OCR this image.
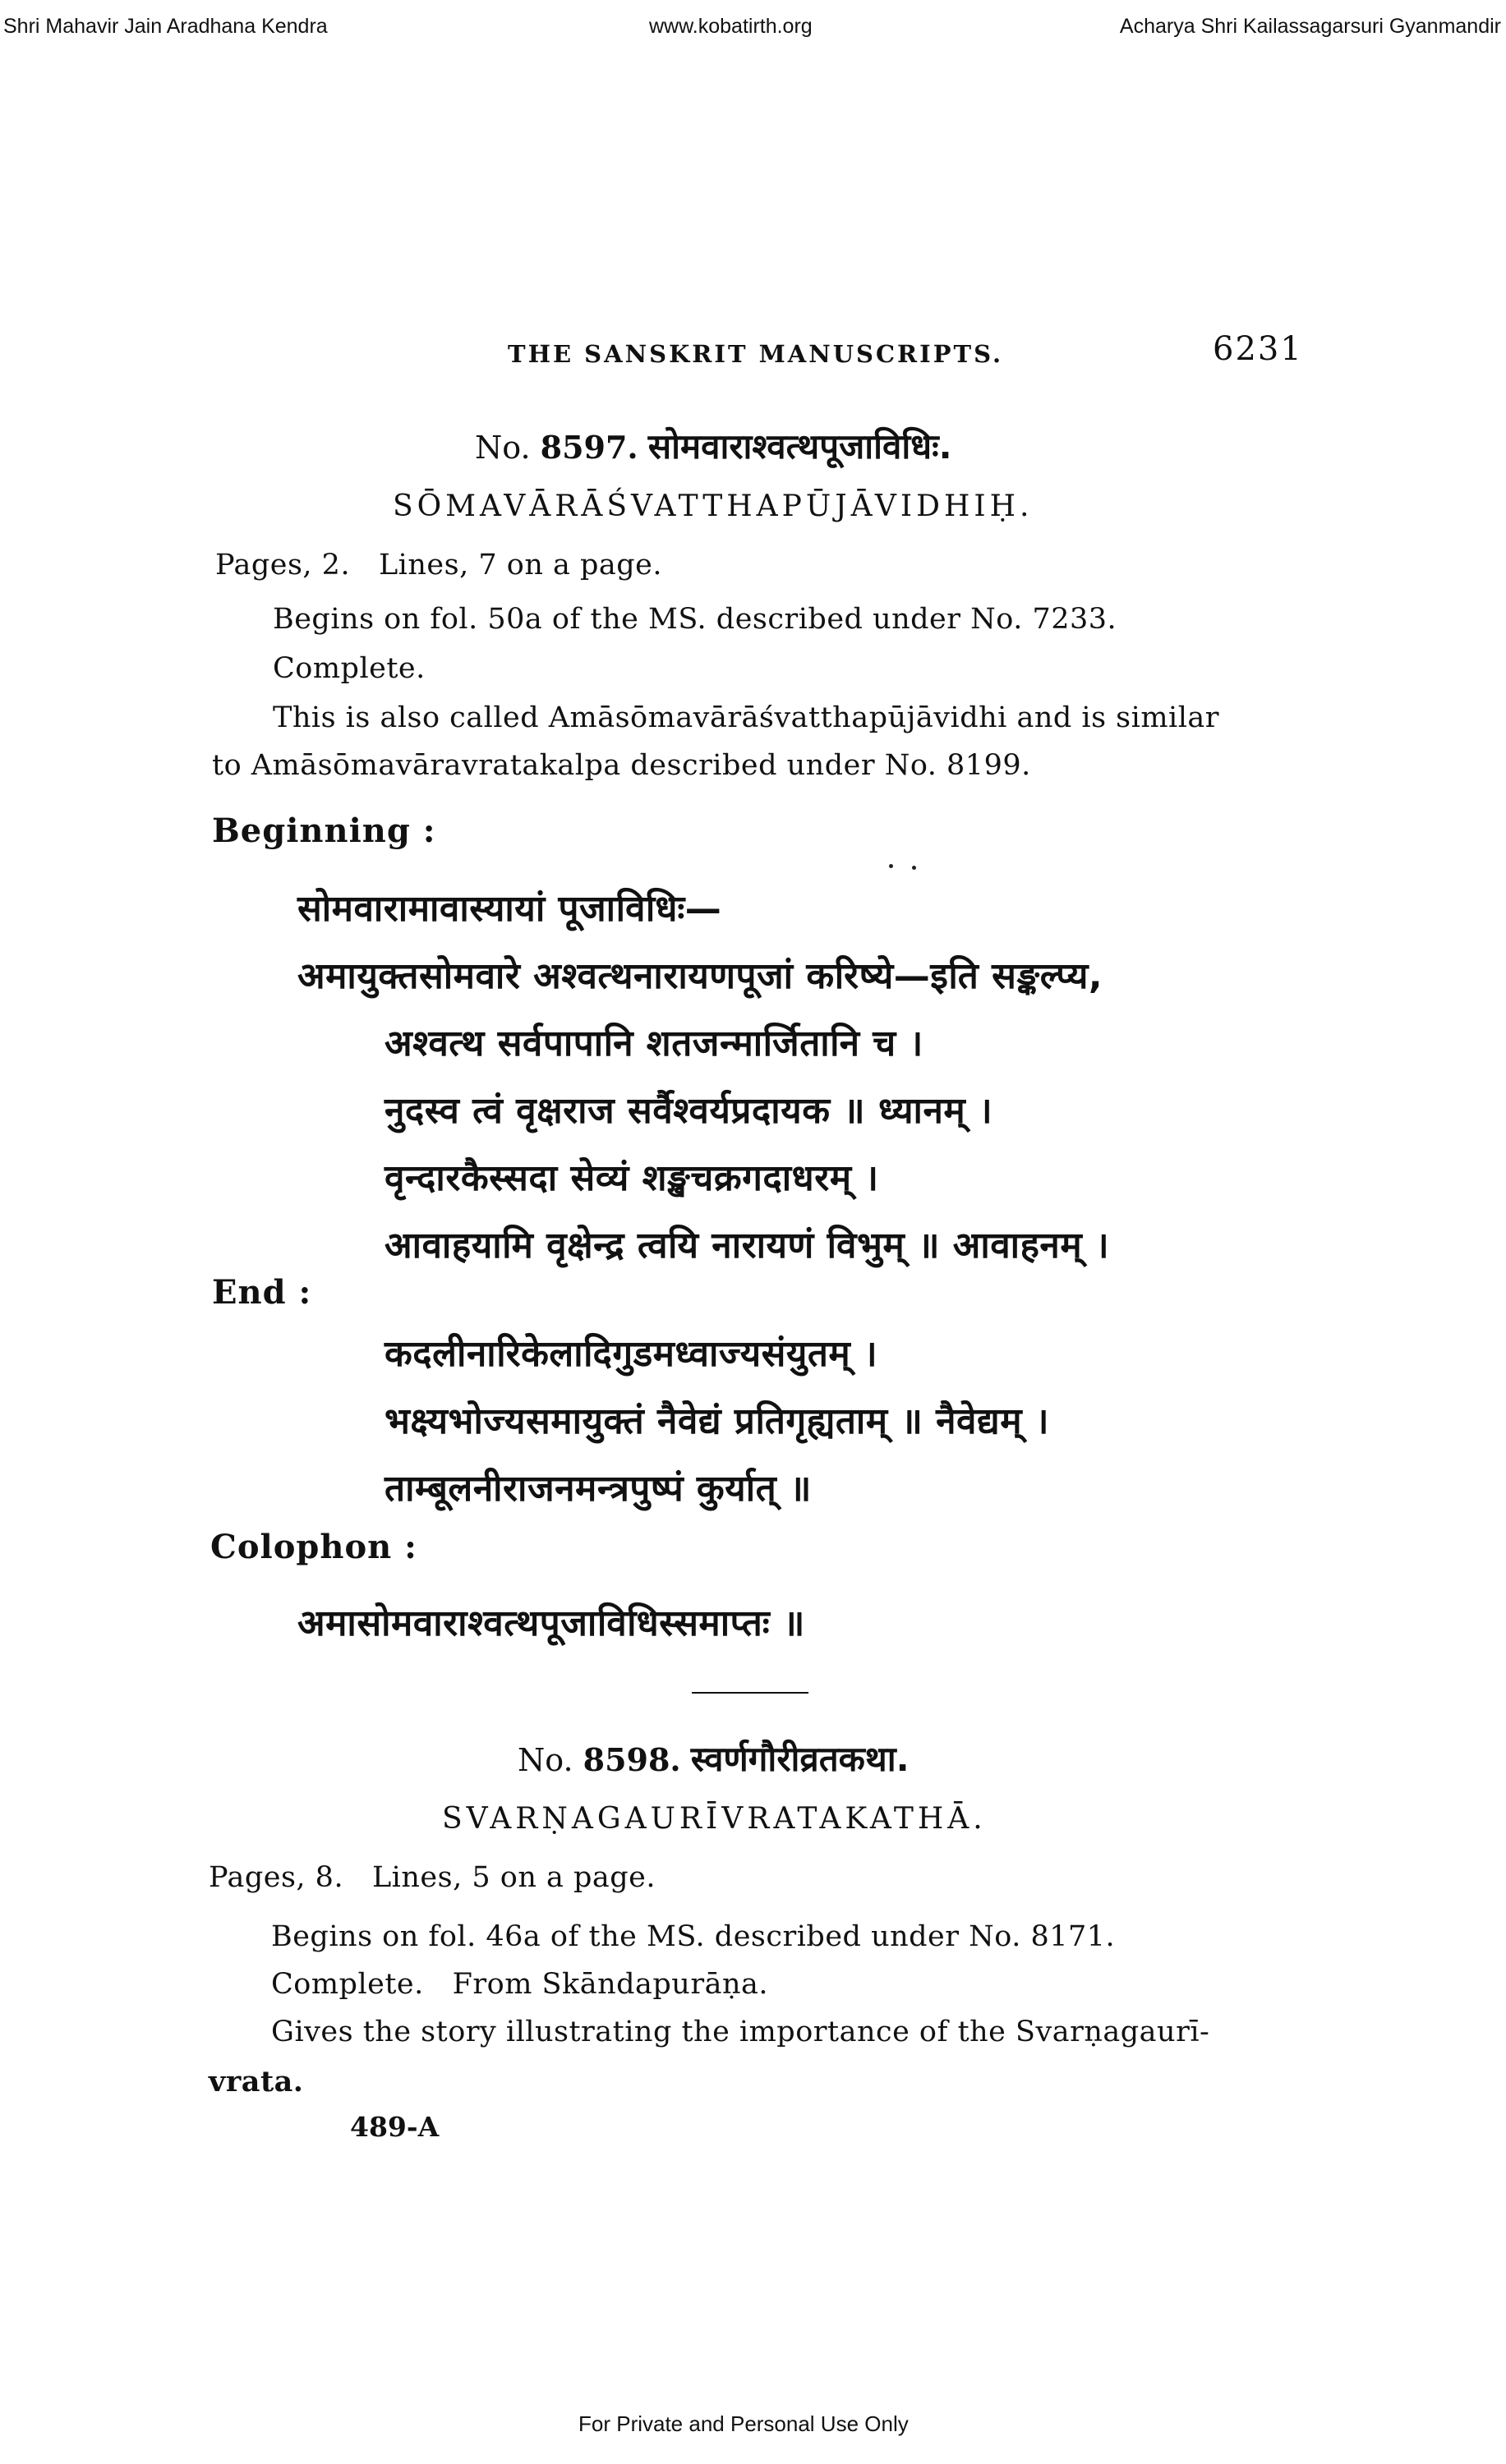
Shri Mahavir Jain Aradhana Kendra	www.kobatirth.org	Acharya Shri Kailassagarsuri Gyanmandir
THE SANSKRIT MANUSCRIPTS.	6231
No. 8597. सोमवाराश्वत्थपूजाविधिः.
SŌMAVĀRĀŚVATTHAPŪJĀVIDHIḤ.
Pages, 2.   Lines, 7 on a page.
Begins on fol. 50a of the MS. described under No. 7233.
Complete.
This is also called Amāsōmavārāśvatthapūjāvidhi and is similar
to Amāsōmavāravratakalpa described under No. 8199.
Beginning :
सोमवारामावास्यायां पूजाविधिः—
अमायुक्तसोमवारे अश्वत्थनारायणपूजां करिष्ये—इति सङ्कल्प्य,
अश्वत्थ सर्वपापानि शतजन्मार्जितानि च ।
नुदस्व त्वं वृक्षराज सर्वैश्वर्यप्रदायक ॥ ध्यानम् ।
वृन्दारकैस्सदा सेव्यं शङ्खचक्रगदाधरम् ।
आवाहयामि वृक्षेन्द्र त्वयि नारायणं विभुम् ॥ आवाहनम् ।
End :
कदलीनारिकेलादिगुडमध्वाज्यसंयुतम् ।
भक्ष्यभोज्यसमायुक्तं नैवेद्यं प्रतिगृह्यताम् ॥ नैवेद्यम् ।
ताम्बूलनीराजनमन्त्रपुष्पं कुर्यात् ॥
Colophon :
अमासोमवाराश्वत्थपूजाविधिस्समाप्तः ॥
No. 8598. स्वर्णगौरीव्रतकथा.
SVARṆAGAURĪVRATAKATHĀ.
Pages, 8.   Lines, 5 on a page.
Begins on fol. 46a of the MS. described under No. 8171.
Complete.   From Skāndapurāṇa.
Gives the story illustrating the importance of the Svarṇagaurī-
vrata.
489-A
For Private and Personal Use Only
